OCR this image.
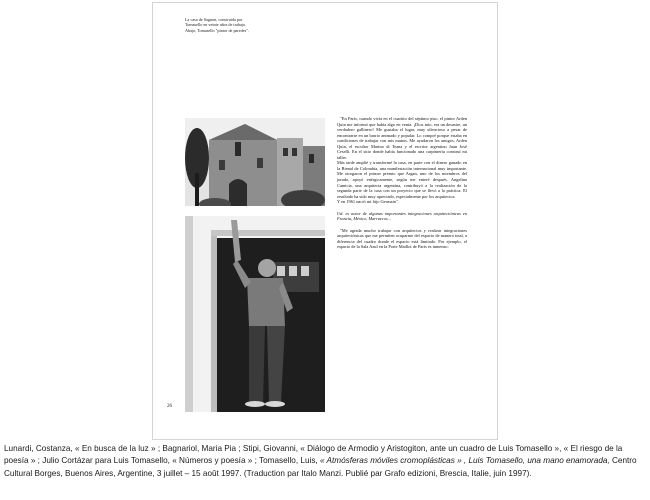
La casa de Sagnon, construida por
Tomasello en veinte años de trabajo.
Abajo, Tomasello "pintor de paredes".
26

"En París, cuando vivía en el cuartito del séptimo piso, el pintor Arden Quin me informó que había algo en venta. ¡Dios mío, era un desastre, un verdadero gallinero! Me gustaba el lugar, muy silencioso a pesar de encontrarse en un barrio animado y popular. Lo compré porque estaba en condiciones de trabajar con mis manos. Me ayudaron los amigos, Arden Quin, el escultor Marino di Teana y el escritor argentino Juan José Ceselli. En el sitio donde había funcionado una carpintería construí mi taller.

Más tarde amplié y transformé la casa, en parte con el dinero ganado en la Bienal de Colombia, una manifestación internacional muy importante. Me otorgaron el primer premio que Argan, uno de los miembros del jurado, apoyó enérgicamente, según me enteré después. Angelina Camicia, una arquitecta argentina, contribuyó a la realización de la segunda parte de la casa con un proyecto que se llevó a la práctica. El resultado ha sido muy apreciado, especialmente por los arquitectos.

Y en 1961 nació mi hijo Germain".

Ud. es autor de algunas importantes integraciones arquitectónicas en Francia, México, Marruecos...

"Me agrada mucho trabajar con arquitectos y realizar integraciones arquitectónicas que me permiten ocuparme del espacio de manera total, a diferencia del cuadro donde el espacio está limitado. Por ejemplo, el espacio de la Sala Azul en la Porte Maillot de París es inmenso:

Lunardi, Costanza, « En busca de la luz » ; Bagnariol, Maria Pia ; Stipi, Giovanni, « Diálogo de Armodio y Aristogiton, ante un cuadro de Luis Tomasello », « El riesgo de la poesía » ; Julio Cortázar para Luis Tomasello, « Números y poesía » ; Tomasello, Luis, « Atmósferas móviles cromoplásticas » , Luis Tomasello, una mano enamorada, Centro Cultural Borges, Buenos Aires, Argentine, 3 juillet – 15 août 1997. (Traduction par Italo Manzi. Publié par Grafo edizioni, Brescia, Italie, juin 1997).
